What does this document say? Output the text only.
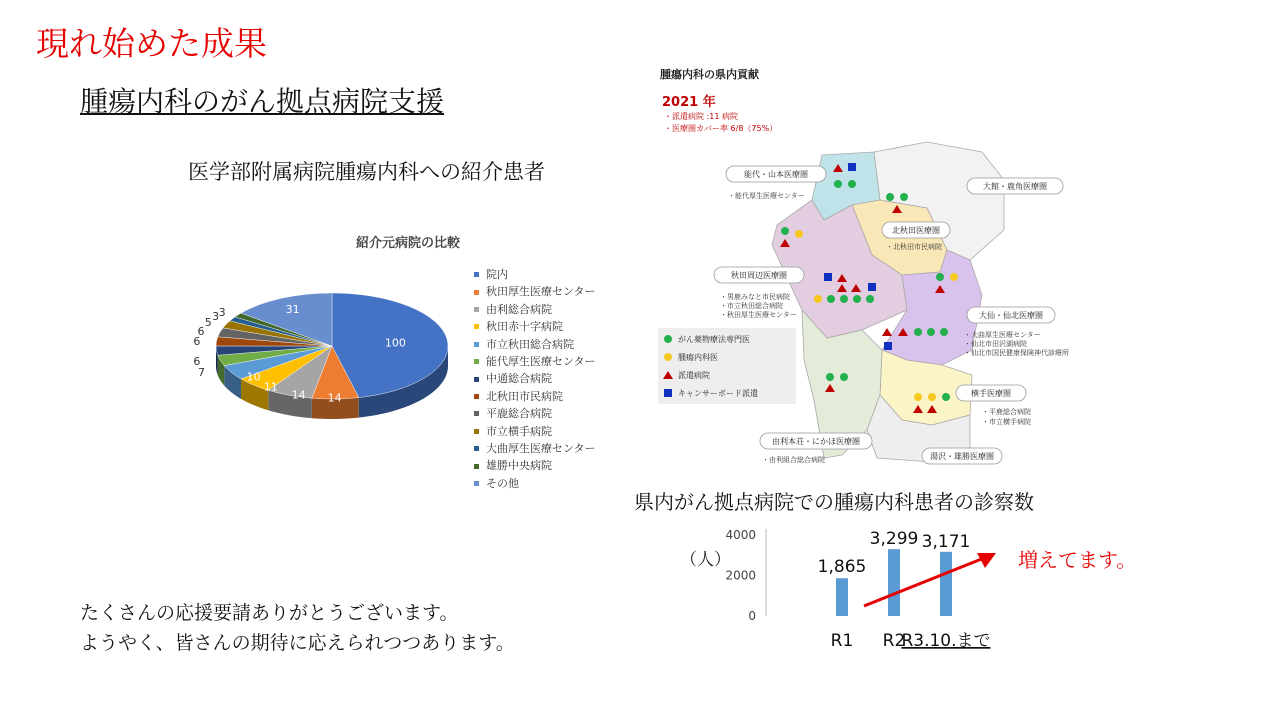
現れ始めた成果
腫瘍内科のがん拠点病院支援
医学部附属病院腫瘍内科への紹介患者
紹介元病院の比較
100
14
14
11
10
7
6
6
6
5 3 3	31
院内
秋田厚生医療センター
由利総合病院
秋田赤十字病院
市立秋田総合病院
能代厚生医療センター
中通総合病院
北秋田市民病院
平鹿総合病院
市立横手病院
大曲厚生医療センター
雄勝中央病院
その他
たくさんの応援要請ありがとうございます。
ようやく、皆さんの期待に応えられつつあります。
腫瘍内科の県内貢献
2021 年
・派遣病院 :11 病院
・医療圏カバー率 6/8（75%）
能代・山本医療圏
・能代厚生医療センター
大館・鹿角医療圏
北秋田医療圏
・北秋田市民病院
秋田周辺医療圏
・男鹿みなと市民病院
・市立秋田総合病院
・秋田厚生医療センター	大仙・仙北医療圏
・大曲厚生医療センター
・仙北市田沢湖病院
・仙北市国民健康保険神代診療所
横手医療圏
・平鹿総合病院
・市立横手病院
由利本荘・にかほ医療圏
・由利組合総合病院	湯沢・雄勝医療圏
がん薬物療法専門医
腫瘍内科医
派遣病院
キャンサーボード派遣
県内がん拠点病院での腫瘍内科患者の診察数
（人）
0
2000
4000
1,865
R1
3,299
R2
3,171
R3.10.まで
増えてます。
